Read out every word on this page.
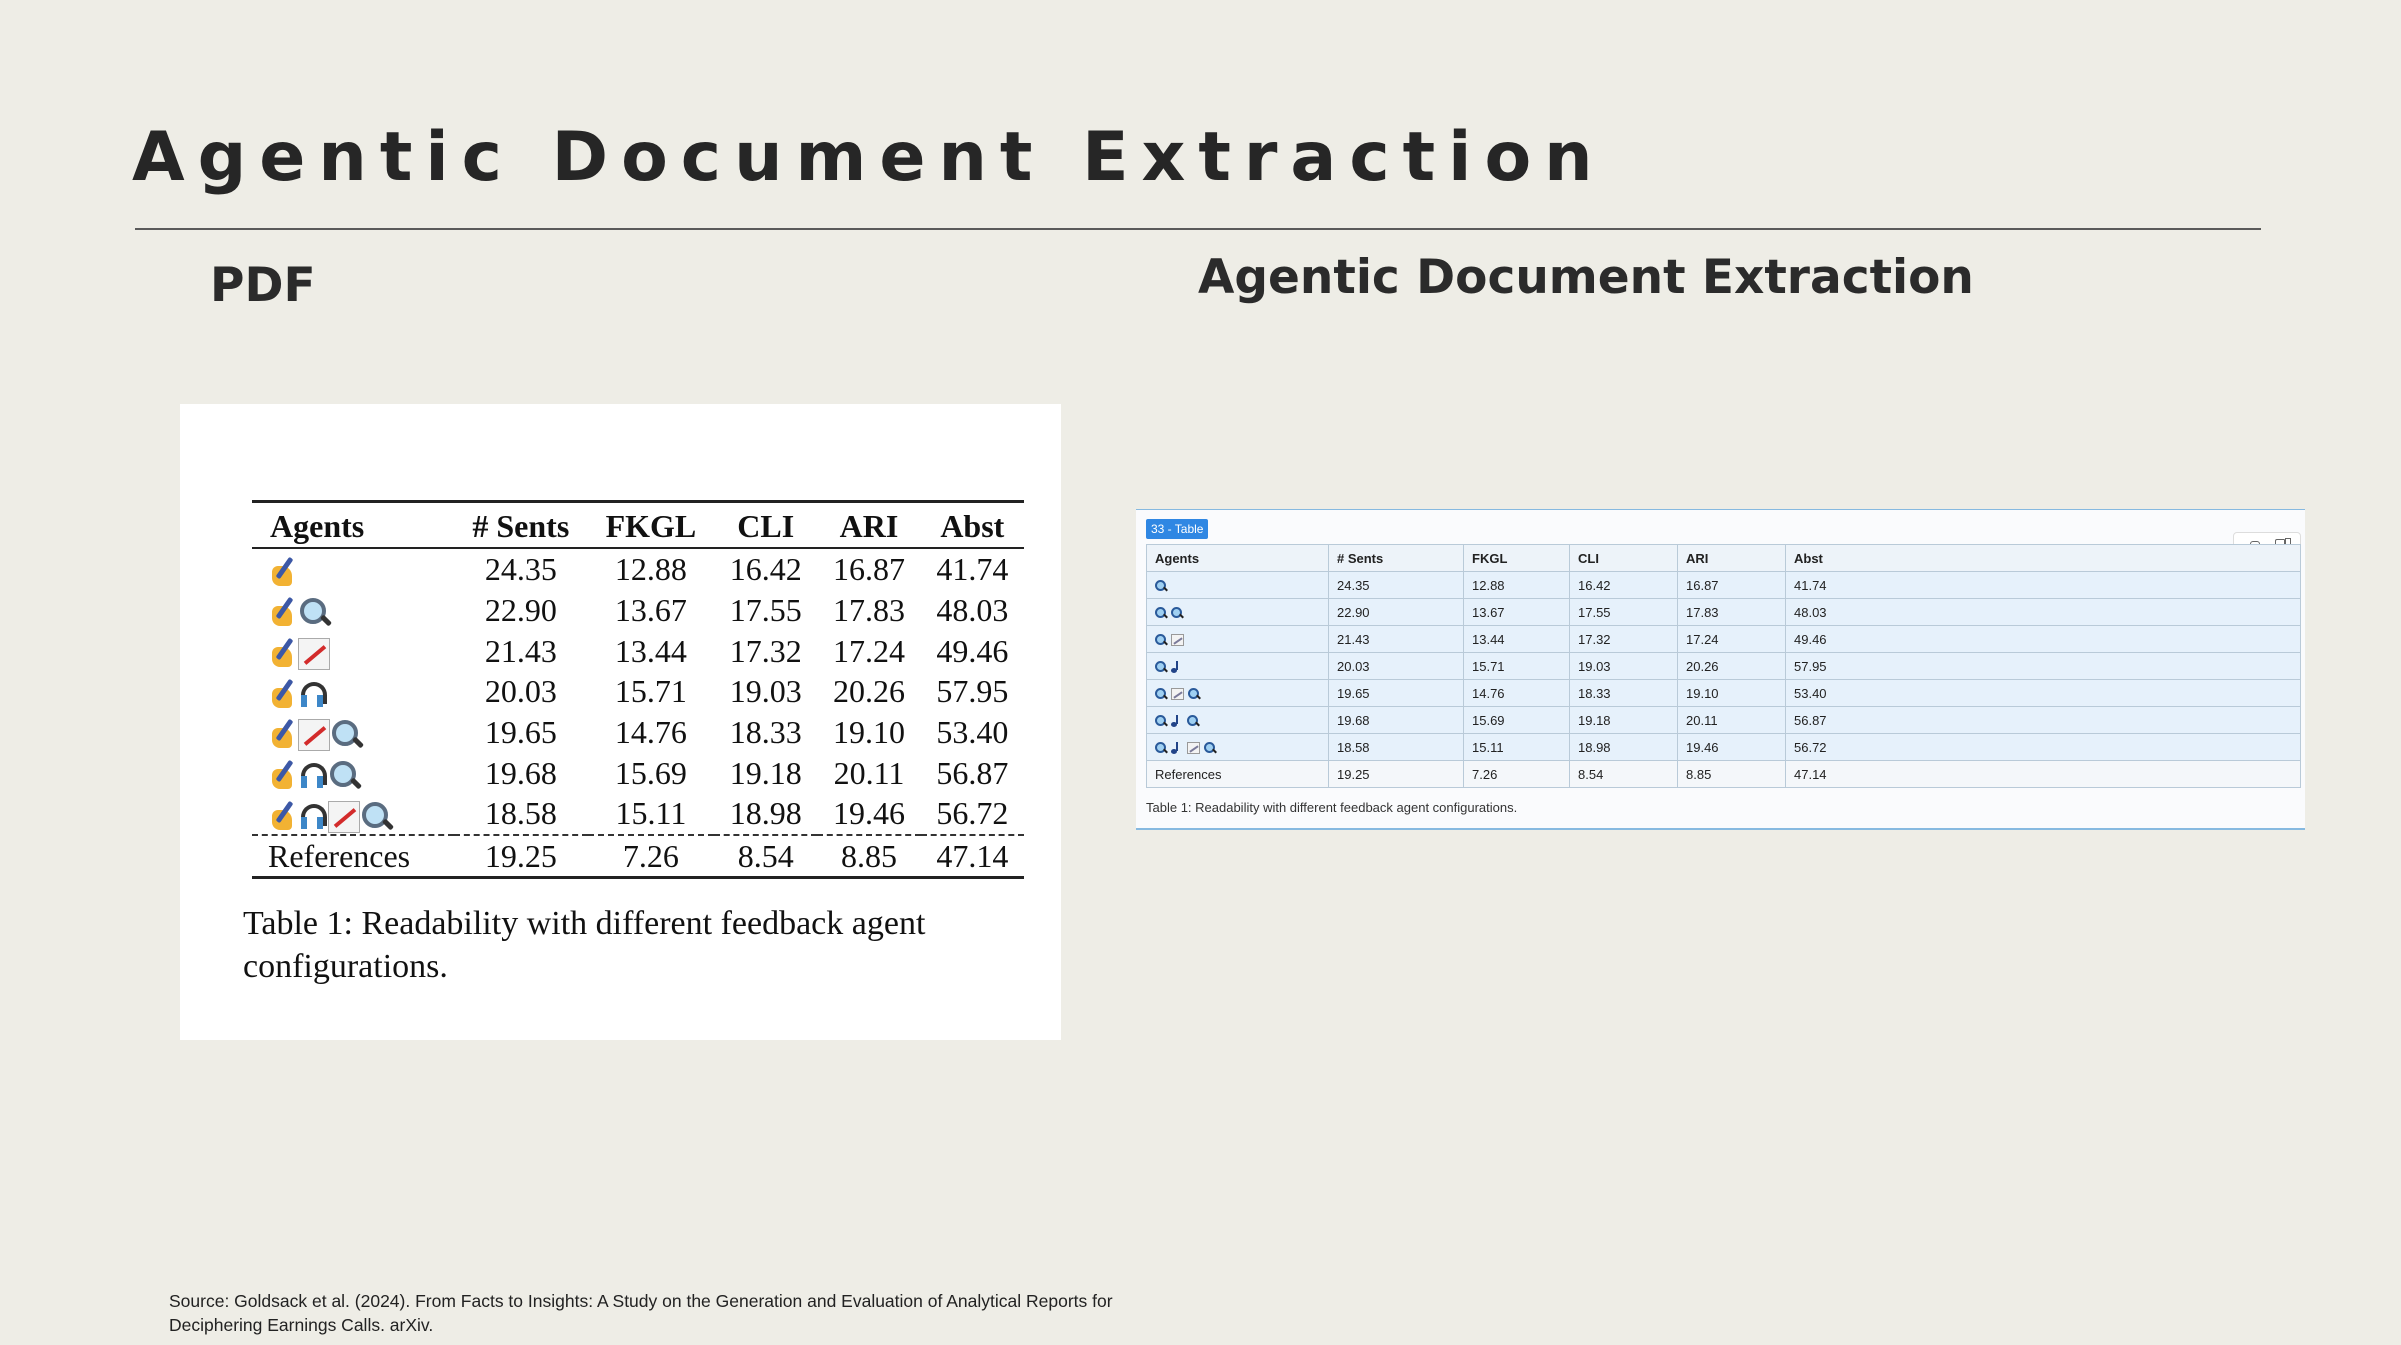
Agentic Document Extraction
PDF	Agentic Document Extraction
Agents	# Sents	FKGL	CLI	ARI	Abst
	24.35	12.88	16.42	16.87	41.74
	22.90	13.67	17.55	17.83	48.03
	21.43	13.44	17.32	17.24	49.46
	20.03	15.71	19.03	20.26	57.95
	19.65	14.76	18.33	19.10	53.40
	19.68	15.69	19.18	20.11	56.87
	18.58	15.11	18.98	19.46	56.72
References	19.25	7.26	8.54	8.85	47.14
Table 1: Readability with different feedback agent configurations.
33 - Table
Agents	# Sents	FKGL	CLI	ARI	Abst
	24.35	12.88	16.42	16.87	41.74
	22.90	13.67	17.55	17.83	48.03
	21.43	13.44	17.32	17.24	49.46
	20.03	15.71	19.03	20.26	57.95
	19.65	14.76	18.33	19.10	53.40
	19.68	15.69	19.18	20.11	56.87
	18.58	15.11	18.98	19.46	56.72
References	19.25	7.26	8.54	8.85	47.14
Table 1: Readability with different feedback agent configurations.
Source: Goldsack et al. (2024). From Facts to Insights: A Study on the Generation and Evaluation of Analytical Reports for Deciphering Earnings Calls. arXiv.
